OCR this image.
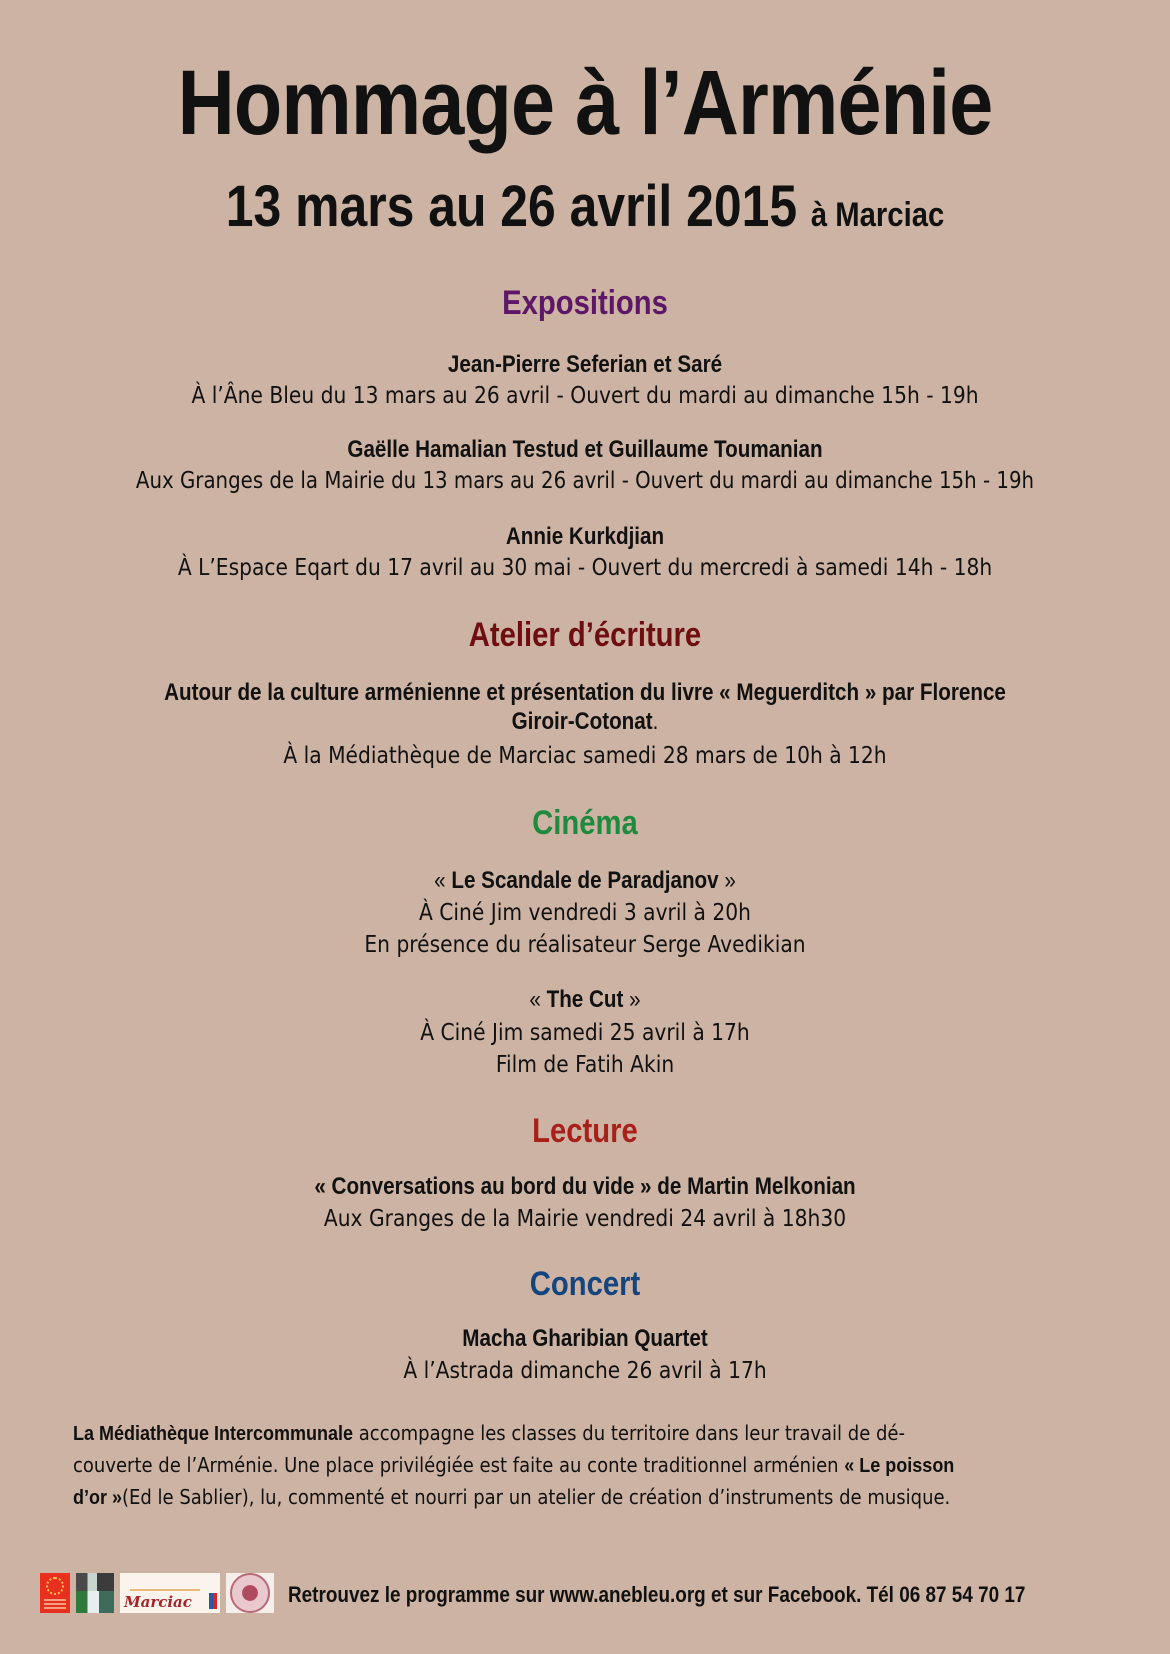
Hommage à l’Arménie
13 mars au 26 avril 2015 à Marciac
Expositions
Jean-Pierre Seferian et Saré
À l’Âne Bleu du 13 mars au 26 avril - Ouvert du mardi au dimanche 15h - 19h
Gaëlle Hamalian Testud et Guillaume Toumanian
Aux Granges de la Mairie du 13 mars au 26 avril - Ouvert du mardi au dimanche 15h - 19h
Annie Kurkdjian
À L’Espace Eqart du 17 avril au 30 mai - Ouvert du mercredi à samedi 14h - 18h
Atelier d’écriture
Autour de la culture arménienne et présentation du livre « Meguerditch » par Florence
Giroir-Cotonat.
À la Médiathèque de Marciac samedi 28 mars de 10h à 12h
Cinéma
« Le Scandale de Paradjanov »
À Ciné Jim vendredi 3 avril à 20h
En présence du réalisateur Serge Avedikian
« The Cut »
À Ciné Jim samedi 25 avril à 17h
Film de Fatih Akin
Lecture
« Conversations au bord du vide » de Martin Melkonian
Aux Granges de la Mairie vendredi 24 avril à 18h30
Concert
Macha Gharibian Quartet
À l’Astrada dimanche 26 avril à 17h
La Médiathèque Intercommunale accompagne les classes du territoire dans leur travail de dé-
couverte de l’Arménie. Une place privilégiée est faite au conte traditionnel arménien « Le poisson
d’or »(Ed le Sablier), lu, commenté et nourri par un atelier de création d’instruments de musique.
Marciac	Retrouvez le programme sur www.anebleu.org et sur Facebook. Tél 06 87 54 70 17
